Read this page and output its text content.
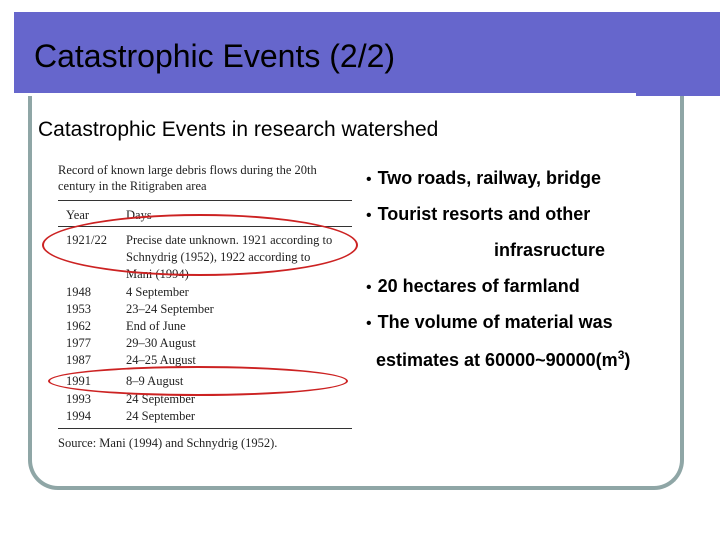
Catastrophic Events (2/2)
Catastrophic Events in research watershed
Record of known large debris flows during the 20th century in the Ritigraben area
Year	Days
1921/22 Precise date unknown. 1921 according to
Schnydrig (1952), 1922 according to
Mani (1994)
1948	4 September
1953	23–24 September
1962	End of June
1977	29–30 August
1987	24–25 August
1991	8–9 August
1993	24 September
1994	24 September
Source: Mani (1994) and Schnydrig (1952).
• Two roads, railway, bridge
• Tourist resorts and other
infrasructure
• 20 hectares of farmland
• The volume of material was
estimates at $60000\sim 90000(m^3)$
